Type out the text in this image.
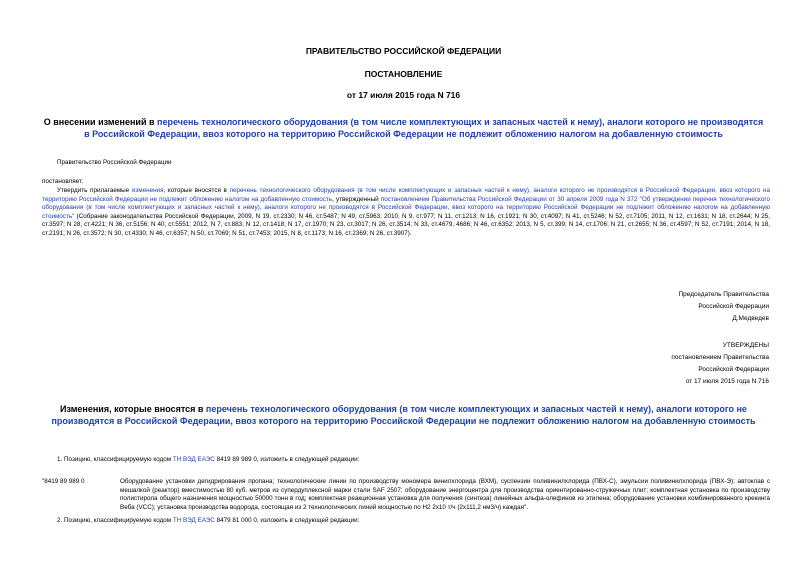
ПРАВИТЕЛЬСТВО РОССИЙСКОЙ ФЕДЕРАЦИИ
ПОСТАНОВЛЕНИЕ
от 17 июля 2015 года N 716
О внесении изменений в перечень технологического оборудования (в том числе комплектующих и запасных частей к нему), аналоги которого не производятся в Российской Федерации, ввоз которого на территорию Российской Федерации не подлежит обложению налогом на добавленную стоимость
Правительство Российской Федерации
постановляет:
Утвердить прилагаемые изменения, которые вносятся в перечень технологического оборудования (в том числе комплектующих и запасных частей к нему), аналоги которого не производятся в Российской Федерации, ввоз которого на территорию Российской Федерации не подлежит обложению налогом на добавленную стоимость, утвержденный постановлением Правительства Российской Федерации от 30 апреля 2009 года N 372 "Об утверждении перечня технологического оборудования (в том числе комплектующих и запасных частей к нему), аналоги которого не производятся в Российской Федерации, ввоз которого на территорию Российской Федерации не подлежит обложению налогом на добавленную стоимость" (Собрание законодательства Российской Федерации, 2009, N 19, ст.2330; N 46, ст.5487; N 49, ст.5963; 2010, N 9, ст.977; N 11, ст.1213; N 16, ст.1921; N 30, ст.4097; N 41, ст.5246; N 52, ст.7105; 2011, N 12, ст.1631; N 18, ст.2644; N 25, ст.3597; N 28, ст.4221; N 36, ст.5156; N 40, ст.5551; 2012, N 7, ст.883; N 12, ст.1418; N 17, ст.1970; N 23, ст.3017; N 26, ст.3514; N 33, ст.4679, 4686; N 46, ст.6352; 2013, N 5, ст.399; N 14, ст.1706; N 21, ст.2655; N 36, ст.4597; N 52, ст.7191; 2014, N 18, ст.2191; N 26, ст.3572; N 30, ст.4330; N 46, ст.6357; N 50, ст.7069; N 51, ст.7453; 2015, N 8, ст.1173; N 16, ст.2369; N 26, ст.3907).
Председатель Правительства
Российской Федерации
Д.Медведев
УТВЕРЖДЕНЫ
постановлением Правительства
Российской Федерации
от 17 июля 2015 года N 716
Изменения, которые вносятся в перечень технологического оборудования (в том числе комплектующих и запасных частей к нему), аналоги которого не производятся в Российской Федерации, ввоз которого на территорию Российской Федерации не подлежит обложению налогом на добавленную стоимость
1. Позицию, классифицируемую кодом ТН ВЭД ЕАЭС 8419 89 989 0, изложить в следующей редакции:
"8419 89 989 0	Оборудование установки дегидрирования пропана; технологические линии по производству мономера винилхлорида (ВХМ), суспензии поливинилхлорида (ПВХ-С), эмульсии поливинилхлорида (ПВХ-Э); автоклав с мешалкой (реактор) вместимостью 80 куб. метров из супердуплексной марки стали SAF 2507; оборудование энергоцентра для производства ориентированно-стружечных плит; комплектная установка по производству полистирола общего назначения мощностью 50000 тонн в год; комплектная реакционная установка для получения (синтеза) линейных альфа-олефинов из этилена; оборудование установки комбинированного крекинга Веба (VCC); установка производства водорода, состоящая из 2 технологических линий мощностью по Н2 2х10 т/ч (2х111,2 нм3/ч) каждая".
2. Позицию, классифицируемую кодом ТН ВЭД ЕАЭС 8479 81 000 0, изложить в следующей редакции:
